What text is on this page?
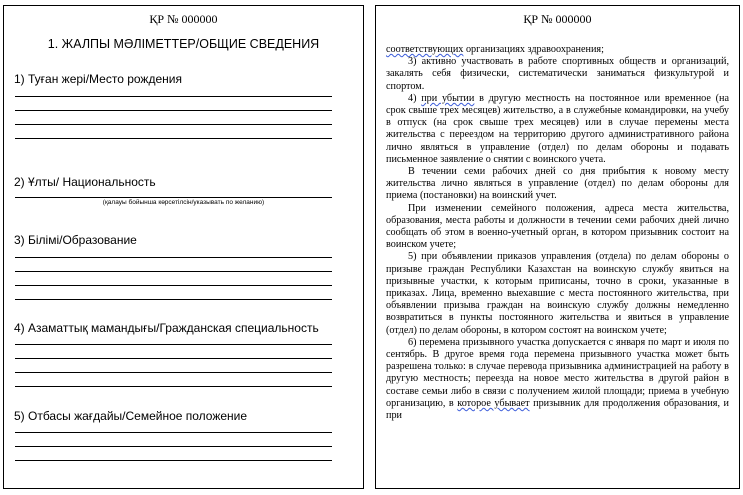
ҚР № 000000
1. ЖАЛПЫ МӘЛІМЕТТЕР/ОБЩИЕ СВЕДЕНИЯ
1) Туған жері/Место рождения
2) Ұлты/ Национальность
(қалауы бойынша көрсетілсін/указывать по желанию)
3) Білімі/Образование
4) Азаматтық мамандығы/Гражданская специальность
5) Отбасы жағдайы/Семейное положение
ҚР № 000000

соответствующих организациях здравоохранения;

3) активно участвовать в работе спортивных обществ и организаций, закалять себя физически, систематически заниматься физкультурой и спортом.

4) при убытии в другую местность на постоянное или временное (на срок свыше трех месяцев) жительство, а в служебные командировки, на учебу в отпуск (на срок свыше трех месяцев) или в случае перемены места жительства с переездом на территорию другого административного района лично являться в управление (отдел) по делам обороны и подавать письменное заявление о снятии с воинского учета.

В течении семи рабочих дней со дня прибытия к новому месту жительства лично являться в управление (отдел) по делам обороны для приема (постановки) на воинский учет.

При изменении семейного положения, адреса места жительства, образования, места работы и должности в течении семи рабочих дней лично сообщать об этом в военно-учетный орган, в котором призывник состоит на воинском учете;

5) при объявлении приказов управления (отдела) по делам обороны о призыве граждан Республики Казахстан на воинскую службу явиться на призывные участки, к которым приписаны, точно в сроки, указанные в приказах. Лица, временно выехавшие с места постоянного жительства, при объявлении призыва граждан на воинскую службу должны немедленно возвратиться в пункты постоянного жительства и явиться в управление (отдел) по делам обороны, в котором состоят на воинском учете;

6) перемена призывного участка допускается с января по март и июля по сентябрь. В другое время года перемена призывного участка может быть разрешена только: в случае перевода призывника администрацией на работу в другую местность; переезда на новое место жительства в другой район в составе семьи либо в связи с получением жилой площади; приема в учебную организацию, в которое убывает призывник для продолжения образования, и при
